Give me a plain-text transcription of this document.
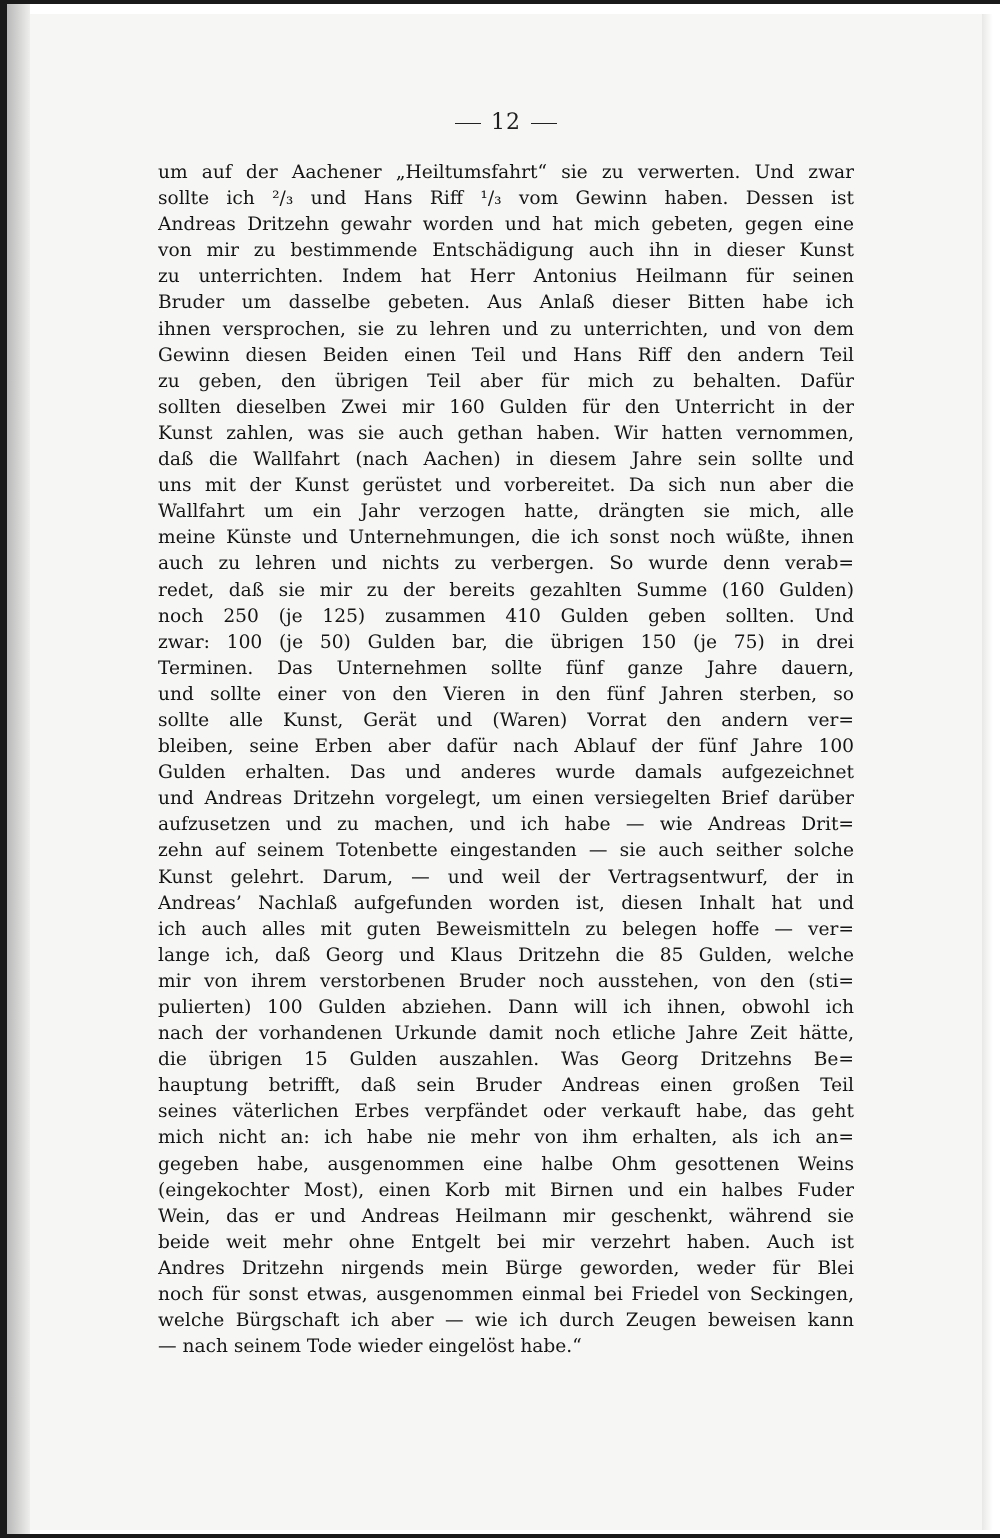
12
um auf der Aachener „Heiltumsfahrt“ sie zu verwerten. Und zwar
sollte ich ²/₃ und Hans Riff ¹/₃ vom Gewinn haben. Dessen ist
Andreas Dritzehn gewahr worden und hat mich gebeten, gegen eine
von mir zu bestimmende Entschädigung auch ihn in dieser Kunst
zu unterrichten. Indem hat Herr Antonius Heilmann für seinen
Bruder um dasselbe gebeten. Aus Anlaß dieser Bitten habe ich
ihnen versprochen, sie zu lehren und zu unterrichten, und von dem
Gewinn diesen Beiden einen Teil und Hans Riff den andern Teil
zu geben, den übrigen Teil aber für mich zu behalten. Dafür
sollten dieselben Zwei mir 160 Gulden für den Unterricht in der
Kunst zahlen, was sie auch gethan haben. Wir hatten vernommen,
daß die Wallfahrt (nach Aachen) in diesem Jahre sein sollte und
uns mit der Kunst gerüstet und vorbereitet. Da sich nun aber die
Wallfahrt um ein Jahr verzogen hatte, drängten sie mich, alle
meine Künste und Unternehmungen, die ich sonst noch wüßte, ihnen
auch zu lehren und nichts zu verbergen. So wurde denn verab=
redet, daß sie mir zu der bereits gezahlten Summe (160 Gulden)
noch 250 (je 125) zusammen 410 Gulden geben sollten. Und
zwar: 100 (je 50) Gulden bar, die übrigen 150 (je 75) in drei
Terminen. Das Unternehmen sollte fünf ganze Jahre dauern,
und sollte einer von den Vieren in den fünf Jahren sterben, so
sollte alle Kunst, Gerät und (Waren) Vorrat den andern ver=
bleiben, seine Erben aber dafür nach Ablauf der fünf Jahre 100
Gulden erhalten. Das und anderes wurde damals aufgezeichnet
und Andreas Dritzehn vorgelegt, um einen versiegelten Brief darüber
aufzusetzen und zu machen, und ich habe — wie Andreas Drit=
zehn auf seinem Totenbette eingestanden — sie auch seither solche
Kunst gelehrt. Darum, — und weil der Vertragsentwurf, der in
Andreas’ Nachlaß aufgefunden worden ist, diesen Inhalt hat und
ich auch alles mit guten Beweismitteln zu belegen hoffe — ver=
lange ich, daß Georg und Klaus Dritzehn die 85 Gulden, welche
mir von ihrem verstorbenen Bruder noch ausstehen, von den (sti=
pulierten) 100 Gulden abziehen. Dann will ich ihnen, obwohl ich
nach der vorhandenen Urkunde damit noch etliche Jahre Zeit hätte,
die übrigen 15 Gulden auszahlen. Was Georg Dritzehns Be=
hauptung betrifft, daß sein Bruder Andreas einen großen Teil
seines väterlichen Erbes verpfändet oder verkauft habe, das geht
mich nicht an: ich habe nie mehr von ihm erhalten, als ich an=
gegeben habe, ausgenommen eine halbe Ohm gesottenen Weins
(eingekochter Most), einen Korb mit Birnen und ein halbes Fuder
Wein, das er und Andreas Heilmann mir geschenkt, während sie
beide weit mehr ohne Entgelt bei mir verzehrt haben. Auch ist
Andres Dritzehn nirgends mein Bürge geworden, weder für Blei
noch für sonst etwas, ausgenommen einmal bei Friedel von Seckingen,
welche Bürgschaft ich aber — wie ich durch Zeugen beweisen kann
— nach seinem Tode wieder eingelöst habe.“
